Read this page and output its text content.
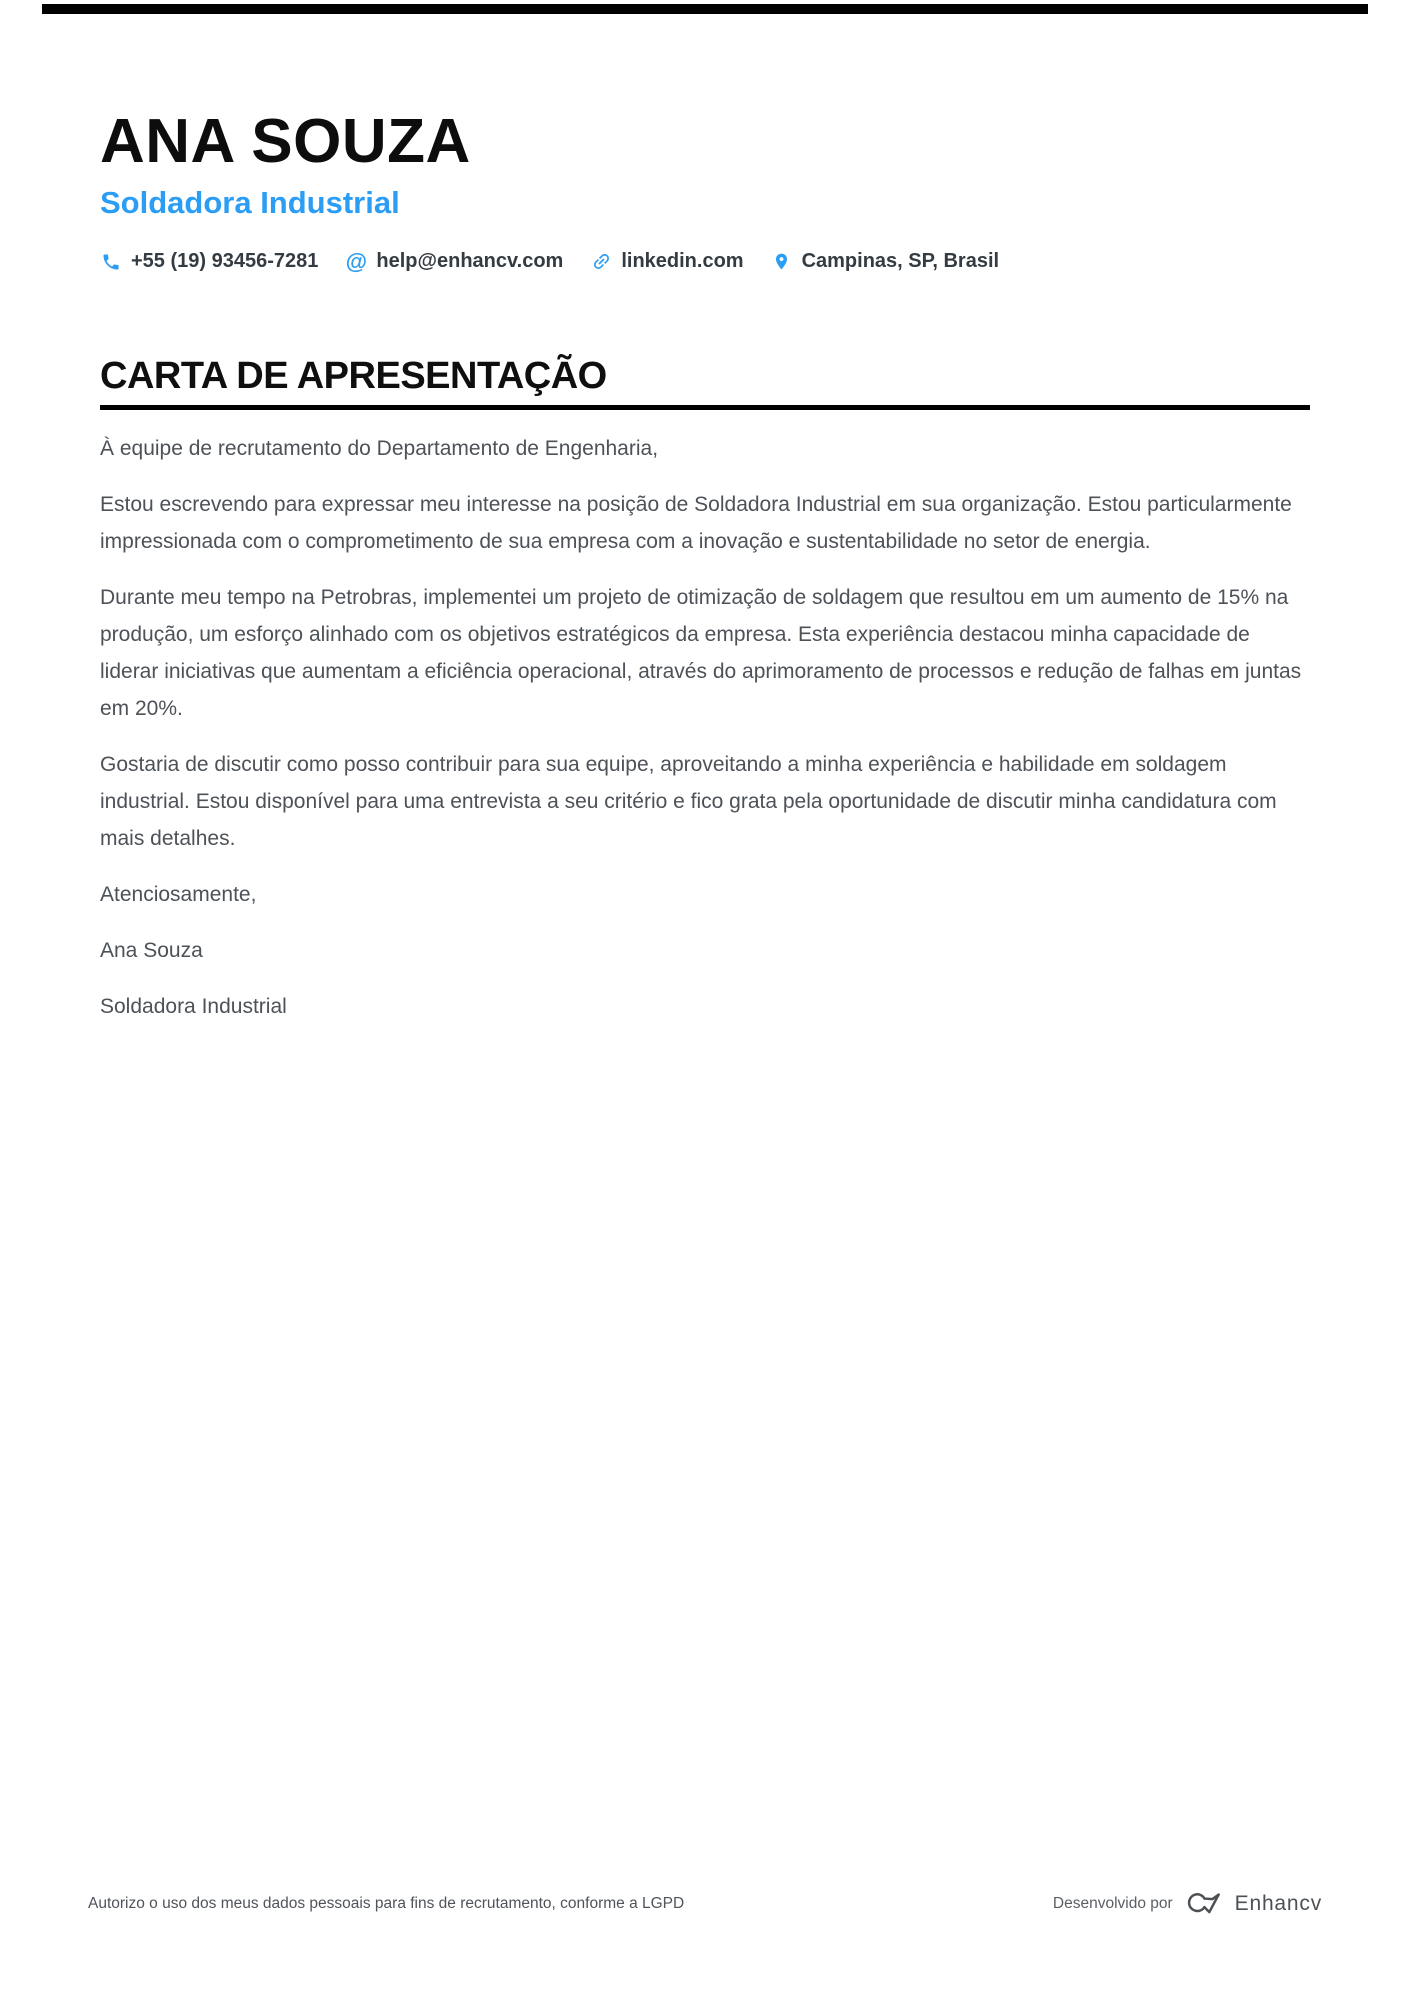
ANA SOUZA
Soldadora Industrial
+55 (19) 93456-7281 @ help@enhancv.com	linkedin.com	Campinas, SP, Brasil
CARTA DE APRESENTAÇÃO

À equipe de recrutamento do Departamento de Engenharia,

Estou escrevendo para expressar meu interesse na posição de Soldadora Industrial em sua organização. Estou particularmente impressionada com o comprometimento de sua empresa com a inovação e sustentabilidade no setor de energia.

Durante meu tempo na Petrobras, implementei um projeto de otimização de soldagem que resultou em um aumento de 15% na produção, um esforço alinhado com os objetivos estratégicos da empresa. Esta experiência destacou minha capacidade de liderar iniciativas que aumentam a eficiência operacional, através do aprimoramento de processos e redução de falhas em juntas em 20%.

Gostaria de discutir como posso contribuir para sua equipe, aproveitando a minha experiência e habilidade em soldagem industrial. Estou disponível para uma entrevista a seu critério e fico grata pela oportunidade de discutir minha candidatura com mais detalhes.

Atenciosamente,

Ana Souza

Soldadora Industrial

Autorizo o uso dos meus dados pessoais para fins de recrutamento, conforme a LGPD	Desenvolvido por	Enhancv
